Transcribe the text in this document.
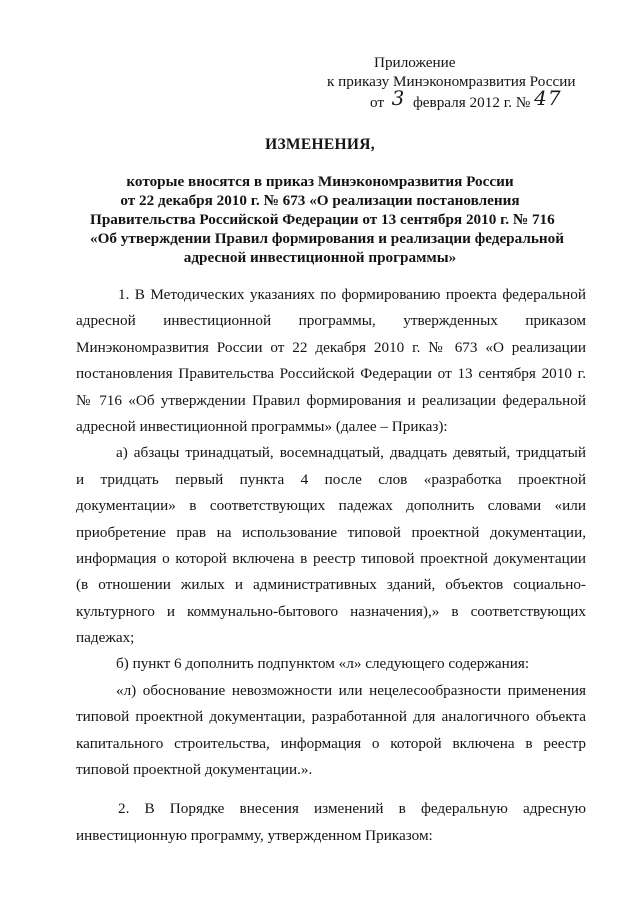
Приложение
к приказу Минэкономразвития России
от 3 февраля 2012 г. № 47
ИЗМЕНЕНИЯ,
которые вносятся в приказ Минэкономразвития России
от 22 декабря 2010 г. № 673 «О реализации постановления
Правительства Российской Федерации от 13 сентября 2010 г. № 716
«Об утверждении Правил формирования и реализации федеральной
адресной инвестиционной программы»
1. В Методических указаниях по формированию проекта федеральной
адресной инвестиционной программы, утвержденных приказом
Минэкономразвития России от 22 декабря 2010 г. № 673 «О реализации
постановления Правительства Российской Федерации от 13 сентября 2010 г.
№ 716 «Об утверждении Правил формирования и реализации федеральной
адресной инвестиционной программы» (далее – Приказ):
а) абзацы тринадцатый, восемнадцатый, двадцать девятый, тридцатый
и тридцать первый пункта 4 после слов «разработка проектной
документации» в соответствующих падежах дополнить словами «или
приобретение прав на использование типовой проектной документации,
информация о которой включена в реестр типовой проектной документации
(в отношении жилых и административных зданий, объектов социально-
культурного и коммунально-бытового назначения),» в соответствующих
падежах;
б) пункт 6 дополнить подпунктом «л» следующего содержания:
«л) обоснование невозможности или нецелесообразности применения
типовой проектной документации, разработанной для аналогичного объекта
капитального строительства, информация о которой включена в реестр
типовой проектной документации.».
2. В Порядке внесения изменений в федеральную адресную
инвестиционную программу, утвержденном Приказом:
